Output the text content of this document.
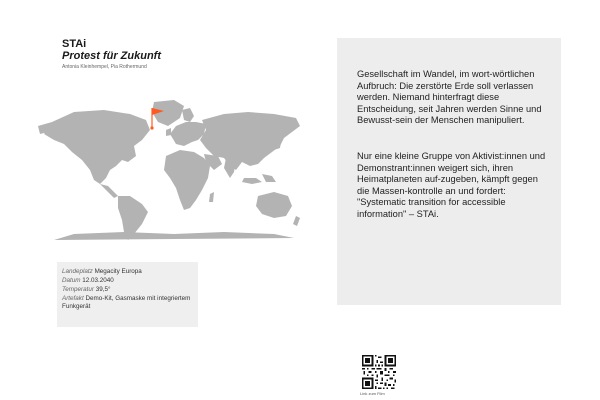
STAi
Protest für Zukunft
Antonia Kleinhempel, Pia Rothermund
Landeplatz Megacity Europa
Datum 12.03.2040
Temperatur 39,5°
Artefakt Demo-Kit, Gasmaske mit integriertem Funkgerät

Gesellschaft im Wandel, im wort-wörtlichen Aufbruch: Die zerstörte Erde soll verlassen werden. Niemand hinterfragt diese Entscheidung, seit Jahren werden Sinne und Bewusst-sein der Menschen manipuliert.

Nur eine kleine Gruppe von Aktivist:innen und Demonstrant:innen weigert sich, ihren Heimatplaneten auf-zugeben, kämpft gegen die Massen-kontrolle an und fordert: "Systematic transition for accessible information" – STAi.

Link zum Film
